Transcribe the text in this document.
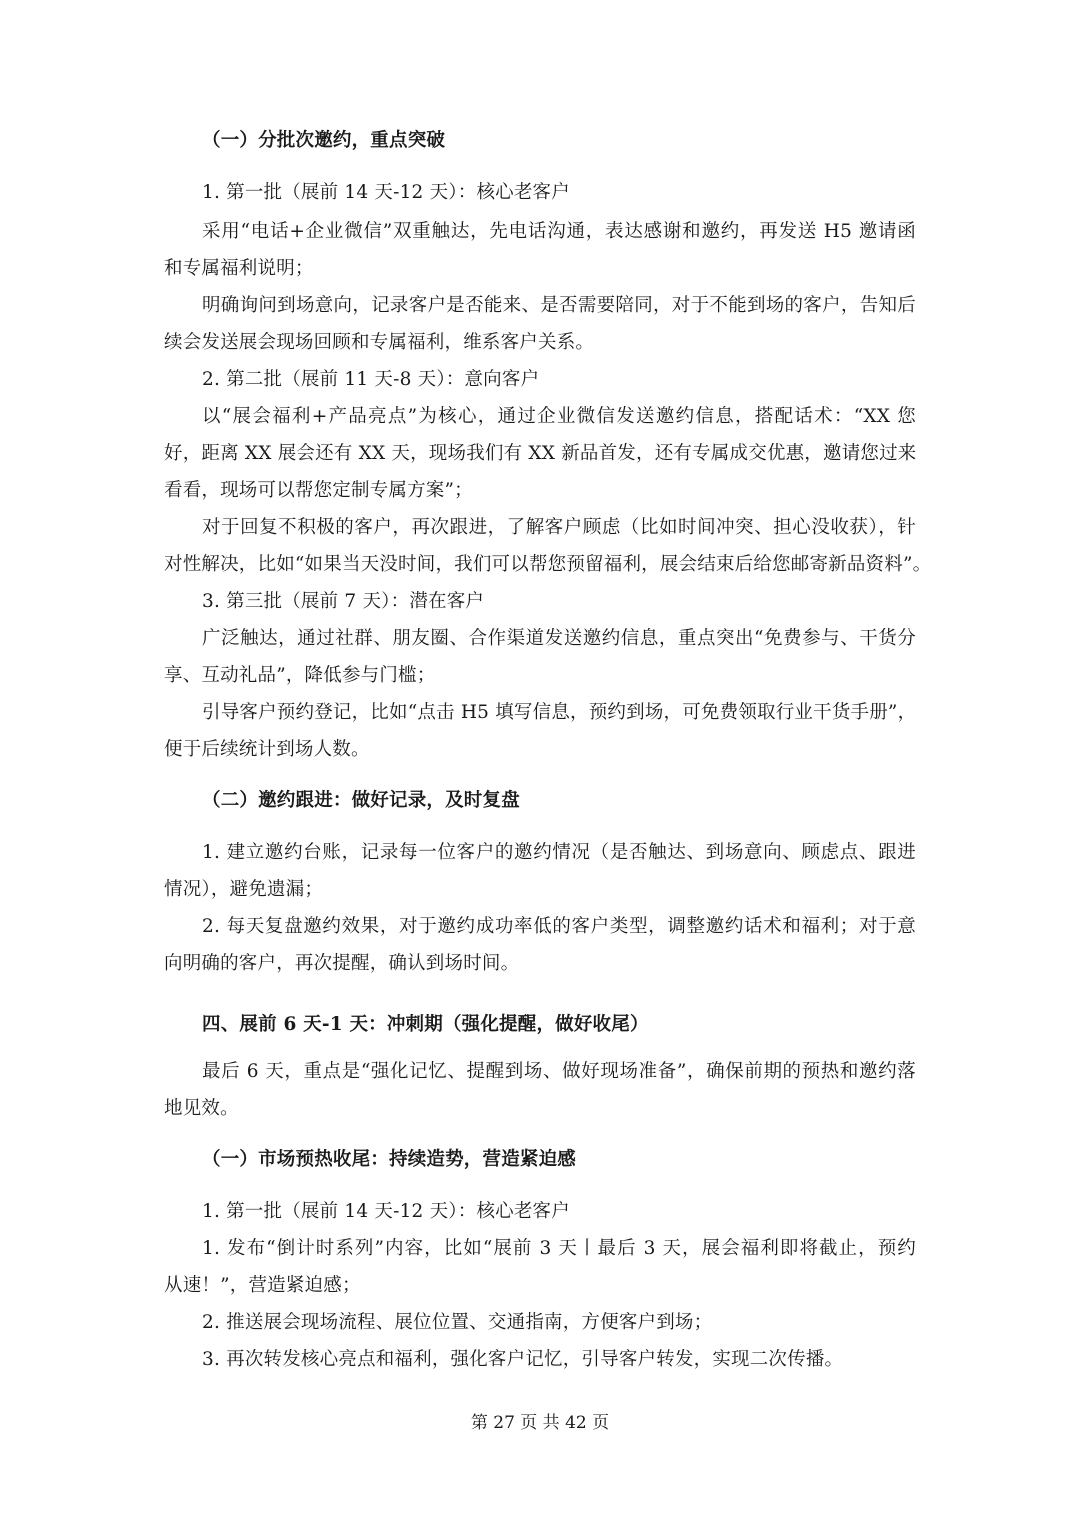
（一）分批次邀约，重点突破

1. 第一批（展前 14 天-12 天）：核心老客户

采用“电话+企业微信”双重触达，先电话沟通，表达感谢和邀约，再发送 H5 邀请函

和专属福利说明；

明确询问到场意向，记录客户是否能来、是否需要陪同，对于不能到场的客户，告知后

续会发送展会现场回顾和专属福利，维系客户关系。

2. 第二批（展前 11 天-8 天）：意向客户

以“展会福利+产品亮点”为核心，通过企业微信发送邀约信息，搭配话术：“XX 您

好，距离 XX 展会还有 XX 天，现场我们有 XX 新品首发，还有专属成交优惠，邀请您过来

看看，现场可以帮您定制专属方案”；

对于回复不积极的客户，再次跟进，了解客户顾虑（比如时间冲突、担心没收获），针

对性解决，比如“如果当天没时间，我们可以帮您预留福利，展会结束后给您邮寄新品资料”。

3. 第三批（展前 7 天）：潜在客户

广泛触达，通过社群、朋友圈、合作渠道发送邀约信息，重点突出“免费参与、干货分

享、互动礼品”，降低参与门槛；

引导客户预约登记，比如“点击 H5 填写信息，预约到场，可免费领取行业干货手册”，

便于后续统计到场人数。

（二）邀约跟进：做好记录，及时复盘

1. 建立邀约台账，记录每一位客户的邀约情况（是否触达、到场意向、顾虑点、跟进

情况），避免遗漏；

2. 每天复盘邀约效果，对于邀约成功率低的客户类型，调整邀约话术和福利；对于意

向明确的客户，再次提醒，确认到场时间。

四、展前 6 天-1 天：冲刺期（强化提醒，做好收尾）

最后 6 天，重点是“强化记忆、提醒到场、做好现场准备”，确保前期的预热和邀约落

地见效。

（一）市场预热收尾：持续造势，营造紧迫感

1. 第一批（展前 14 天-12 天）：核心老客户

1. 发布“倒计时系列”内容，比如“展前 3 天丨最后 3 天，展会福利即将截止，预约

从速！”，营造紧迫感；

2. 推送展会现场流程、展位位置、交通指南，方便客户到场；

3. 再次转发核心亮点和福利，强化客户记忆，引导客户转发，实现二次传播。

第 27 页 共 42 页
